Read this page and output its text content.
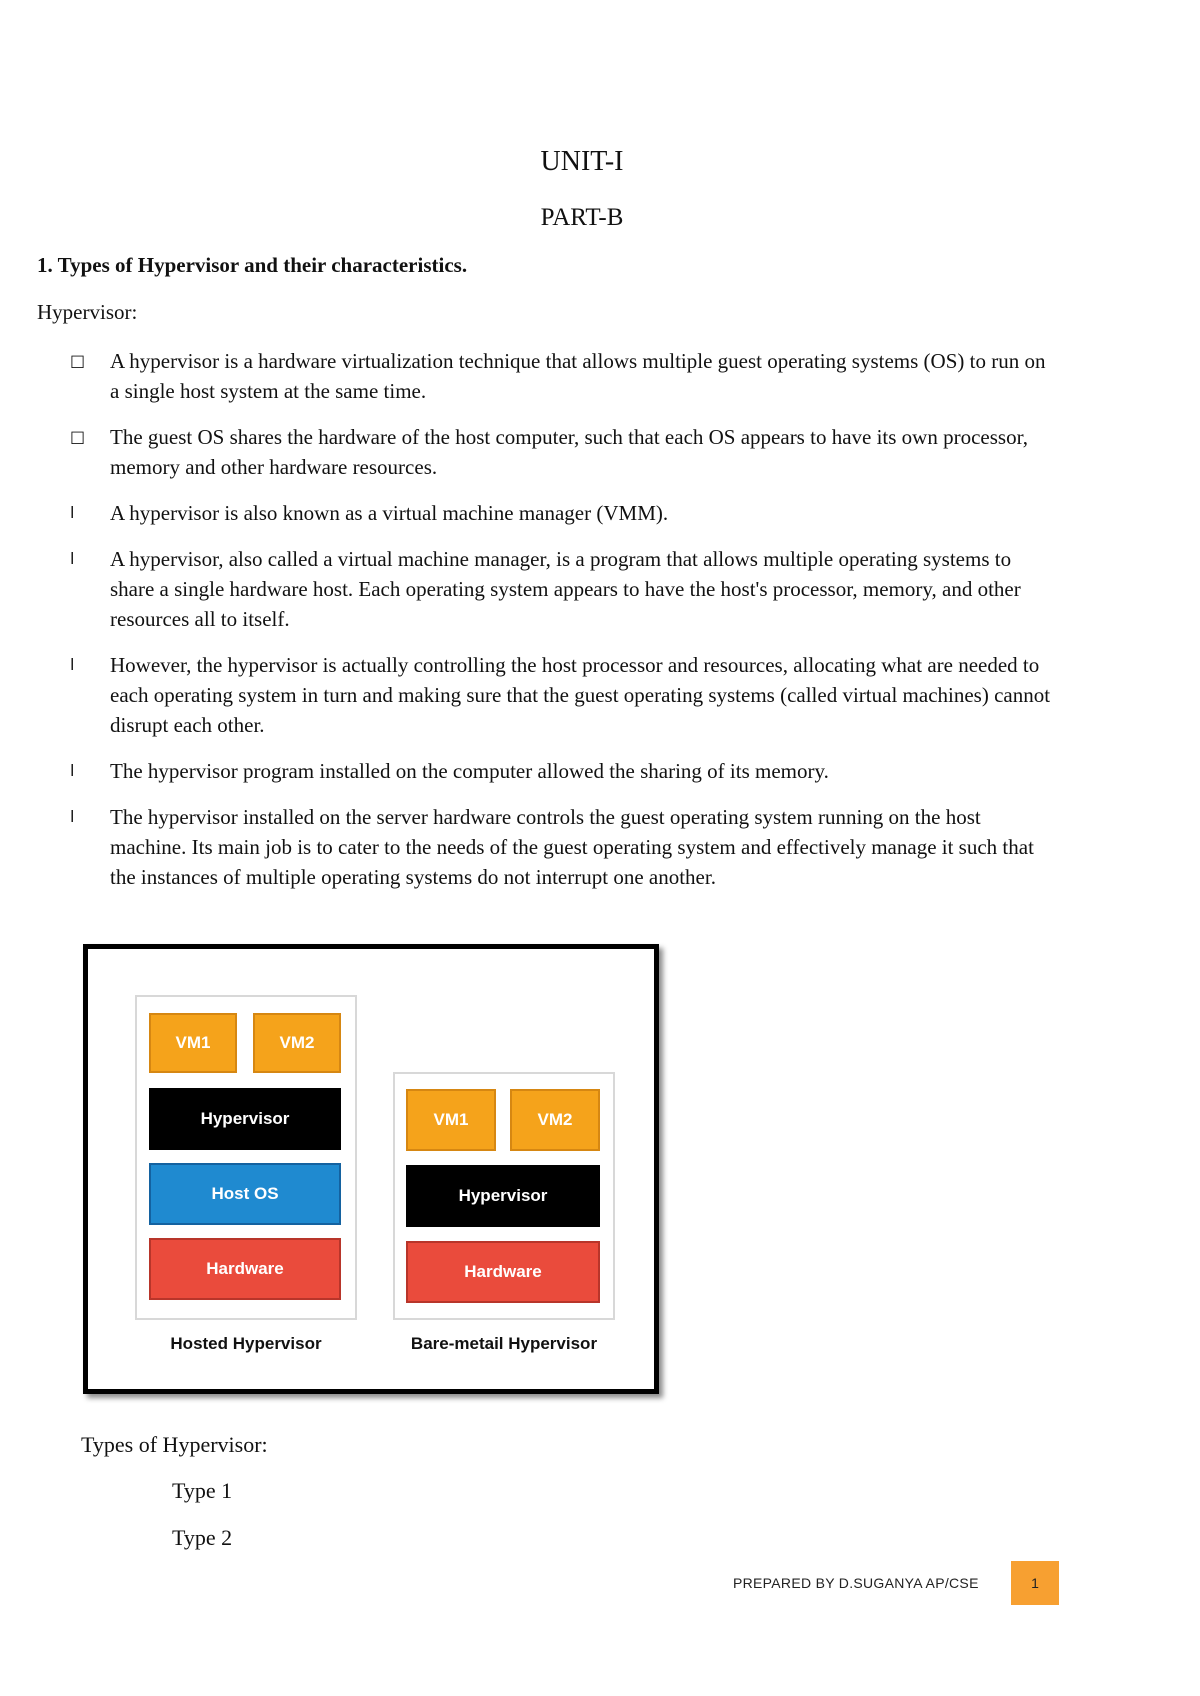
UNIT-I
PART-B
1. Types of Hypervisor and their characteristics.
Hypervisor:
□	A hypervisor is a hardware virtualization technique that allows multiple guest operating systems (OS) to run on a single host system at the same time.
□	The guest OS shares the hardware of the host computer, such that each OS appears to have its own processor, memory and other hardware resources.
l	A hypervisor is also known as a virtual machine manager (VMM).
l	A hypervisor, also called a virtual machine manager, is a program that allows multiple operating systems to share a single hardware host. Each operating system appears to have the host's processor, memory, and other resources all to itself.
l	However, the hypervisor is actually controlling the host processor and resources, allocating what are needed to each operating system in turn and making sure that the guest operating systems (called virtual machines) cannot disrupt each other.
l	The hypervisor program installed on the computer allowed the sharing of its memory.
l	The hypervisor installed on the server hardware controls the guest operating system running on the host machine. Its main job is to cater to the needs of the guest operating system and effectively manage it such that the instances of multiple operating systems do not interrupt one another.
VM1	VM2
Hypervisor
Host OS
Hardware
Hosted Hypervisor
VM1	VM2
Hypervisor
Hardware
Bare-metail Hypervisor
Types of Hypervisor:
Type 1
Type 2
PREPARED BY D.SUGANYA AP/CSE	1
